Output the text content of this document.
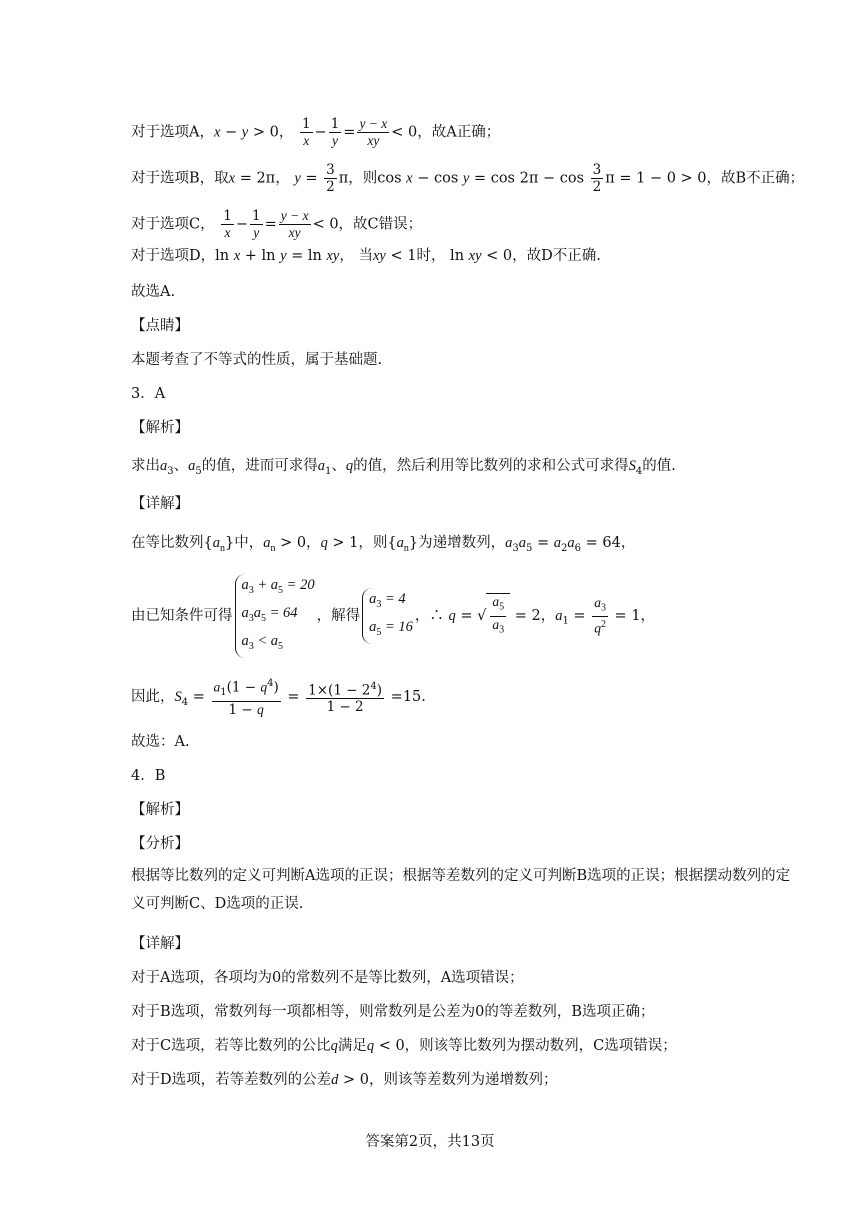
对于选项A，x − y > 0， $\frac{1}{x} - \frac{1}{y} = \frac{y - x}{xy} < 0$，故A正确；
对于选项B，取x = 2π， $y = \frac{3}{2}$ π，则$\cos x - \cos y = \cos 2\pi - \cos \frac{3}{2}$ π = 1 − 0 > 0，故B不正确；
对于选项C， $\frac{1}{x} - \frac{1}{y} = \frac{y - x}{xy} < 0$，故C错误；
对于选项D，ln x + ln y = ln xy， 当xy < 1时， ln xy < 0，故D不正确.
故选A.
【点睛】
本题考查了不等式的性质，属于基础题.
3．A
【解析】
求出$a_3$、$a_5$的值，进而可求得$a_1$、q的值，然后利用等比数列的求和公式可求得$S_4$的值.
【详解】
在等比数列$\{a_n\}$中，$a_n > 0$，q > 1，则$\{a_n\}$为递增数列，$a_3a_5 = a_2a_6 = 64$，
由已知条件可得
$a_3 + a_5 = 20$
$a_3a_5 = 64$
$a_3 < a_5$
，解得
$a_3 = 4$
$a_5 = 16$
，∴ q = √ $\frac{a_5}{a_3} = 2$，$a_1 = \frac{a_3}{q^2} = 1$，
因此，$S_4 = \frac{a_1(1 - q^4)}{1 - q} = \frac{1\times(1 - 2^4)}{1 - 2} =15$.
故选：A.
4．B
【解析】
【分析】
根据等比数列的定义可判断A选项的正误；根据等差数列的定义可判断B选项的正误；根据摆动数列的定义可判断C、D选项的正误.
【详解】
对于A选项，各项均为0的常数列不是等比数列，A选项错误；
对于B选项，常数列每一项都相等，则常数列是公差为0的等差数列，B选项正确；
对于C选项，若等比数列的公比q满足q < 0，则该等比数列为摆动数列，C选项错误；
对于D选项，若等差数列的公差d > 0，则该等差数列为递增数列；
答案第2页，共13页
